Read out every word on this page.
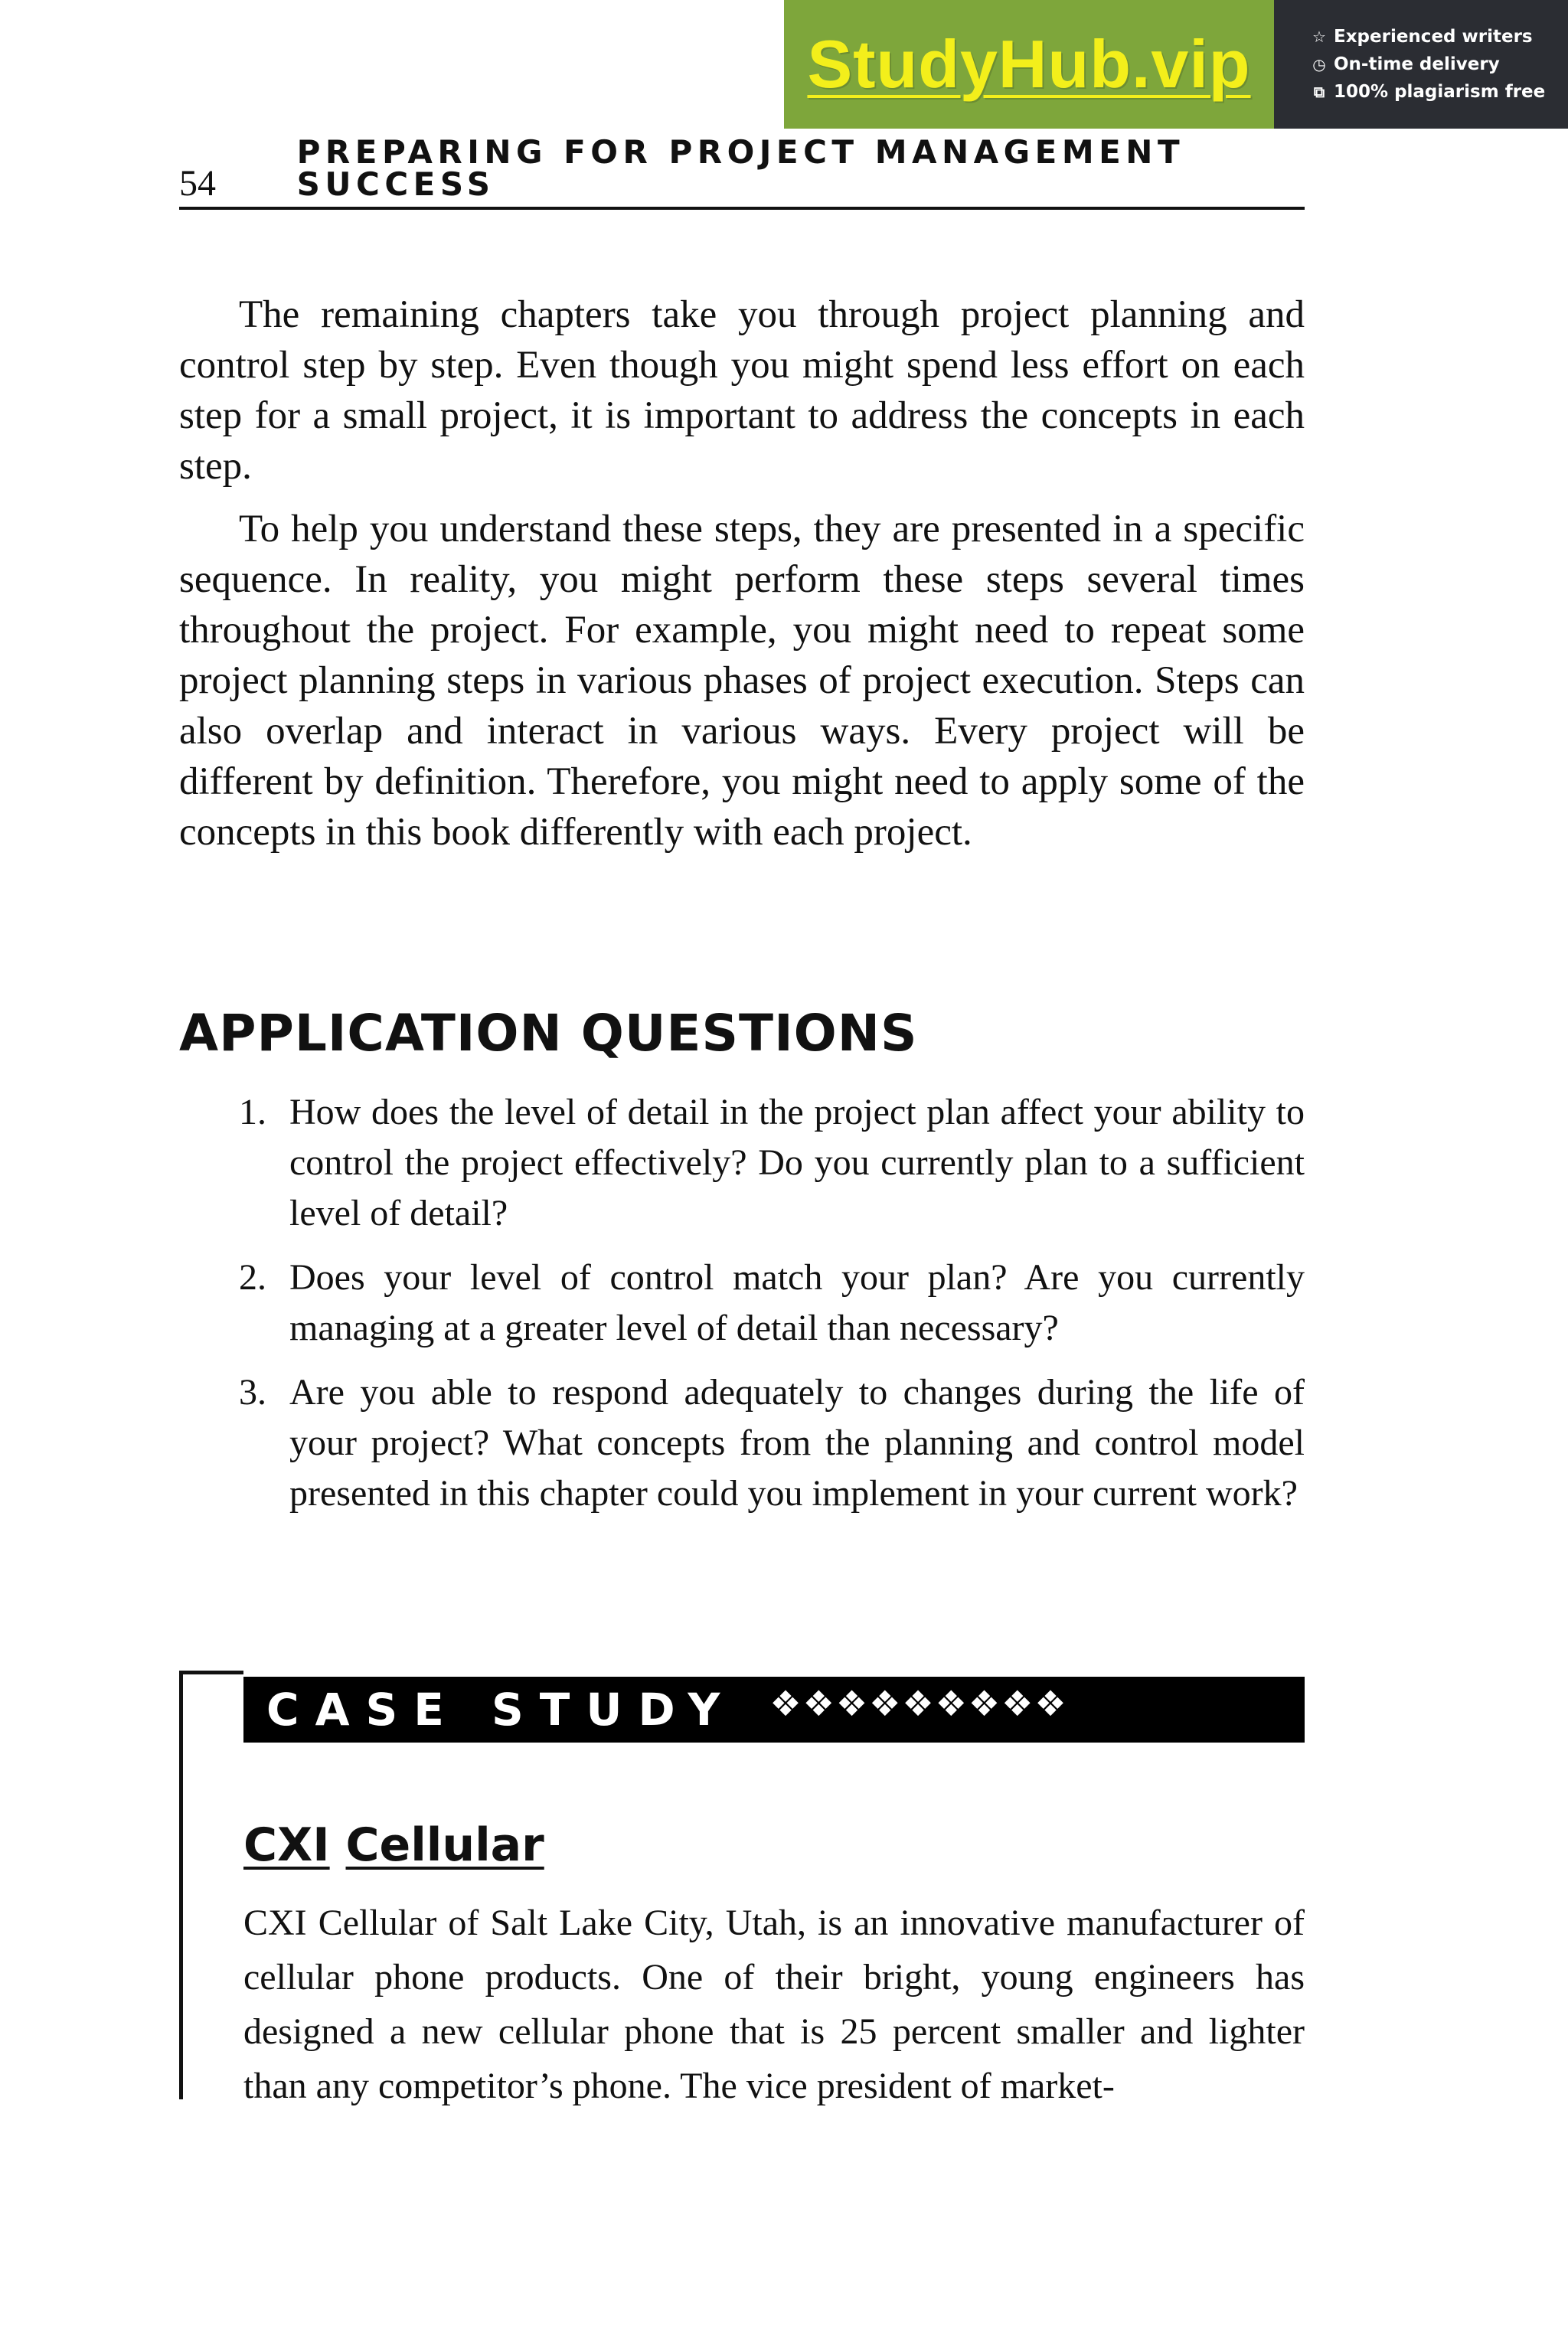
StudyHub.vip	☆ Experienced writers
◷ On-time delivery
⧉ 100% plagiarism free
54
PREPARING FOR PROJECT MANAGEMENT SUCCESS

The remaining chapters take you through project planning and control step by step. Even though you might spend less effort on each step for a small project, it is important to address the concepts in each step.

To help you understand these steps, they are presented in a specific sequence. In reality, you might perform these steps several times throughout the project. For example, you might need to repeat some project planning steps in various phases of project execution. Steps can also overlap and interact in various ways. Every project will be different by definition. Therefore, you might need to apply some of the concepts in this book differently with each project.

APPLICATION QUESTIONS
1. How does the level of detail in the project plan affect your ability to control the project effectively? Do you currently plan to a sufficient level of detail?
2. Does your level of control match your plan? Are you currently managing at a greater level of detail than necessary?
3. Are you able to respond adequately to changes during the life of your project? What concepts from the planning and control model presented in this chapter could you implement in your current work?
CASE STUDY ❖❖❖❖❖❖❖❖❖
CXI Cellular

CXI Cellular of Salt Lake City, Utah, is an innovative manufacturer of cellular phone products. One of their bright, young engineers has designed a new cellular phone that is 25 percent smaller and lighter than any competitor’s phone. The vice president of market-
